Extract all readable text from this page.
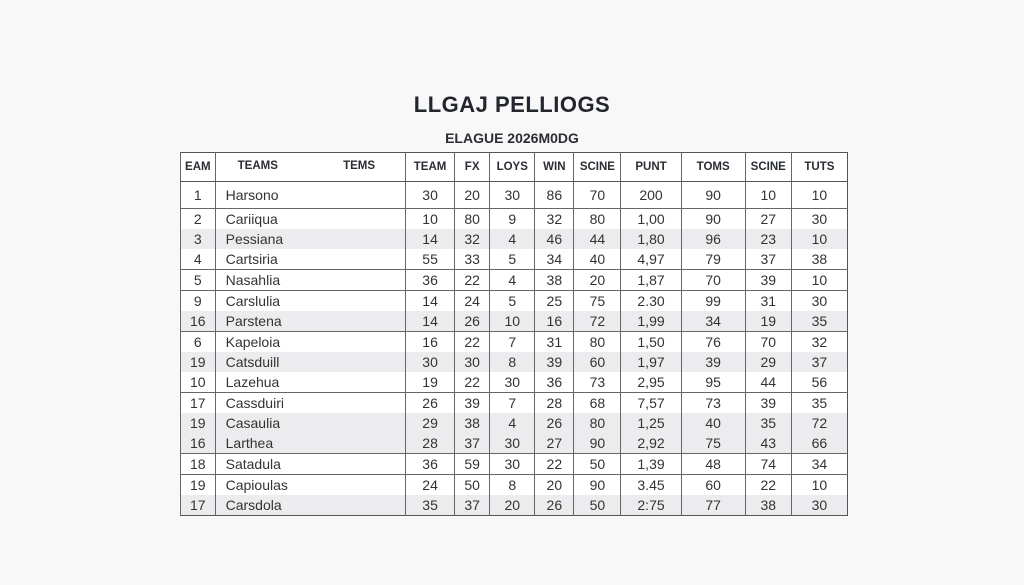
LLGAJ PELLIOGS
ELAGUE 2026M0DG
EAM	TEAMS TEMS	TEAM	FX	LOYS	WIN	SCINE	PUNT	TOMS	SCINE	TUTS
1	Harsono	30	20	30	86	70	200	90	10	10
2	Cariiqua	10	80	9	32	80	1,00	90	27	30
3	Pessiana	14	32	4	46	44	1,80	96	23	10
4	Cartsiria	55	33	5	34	40	4,97	79	37	38
5	Nasahlia	36	22	4	38	20	1,87	70	39	10
9	Carslulia	14	24	5	25	75	2.30	99	31	30
16	Parstena	14	26	10	16	72	1,99	34	19	35
6	Kapeloia	16	22	7	31	80	1,50	76	70	32
19	Catsduill	30	30	8	39	60	1,97	39	29	37
10	Lazehua	19	22	30	36	73	2,95	95	44	56
17	Cassduiri	26	39	7	28	68	7,57	73	39	35
19	Casaulia	29	38	4	26	80	1,25	40	35	72
16	Larthea	28	37	30	27	90	2,92	75	43	66
18	Satadula	36	59	30	22	50	1,39	48	74	34
19	Capioulas	24	50	8	20	90	3.45	60	22	10
17	Carsdola	35	37	20	26	50	2:75	77	38	30
